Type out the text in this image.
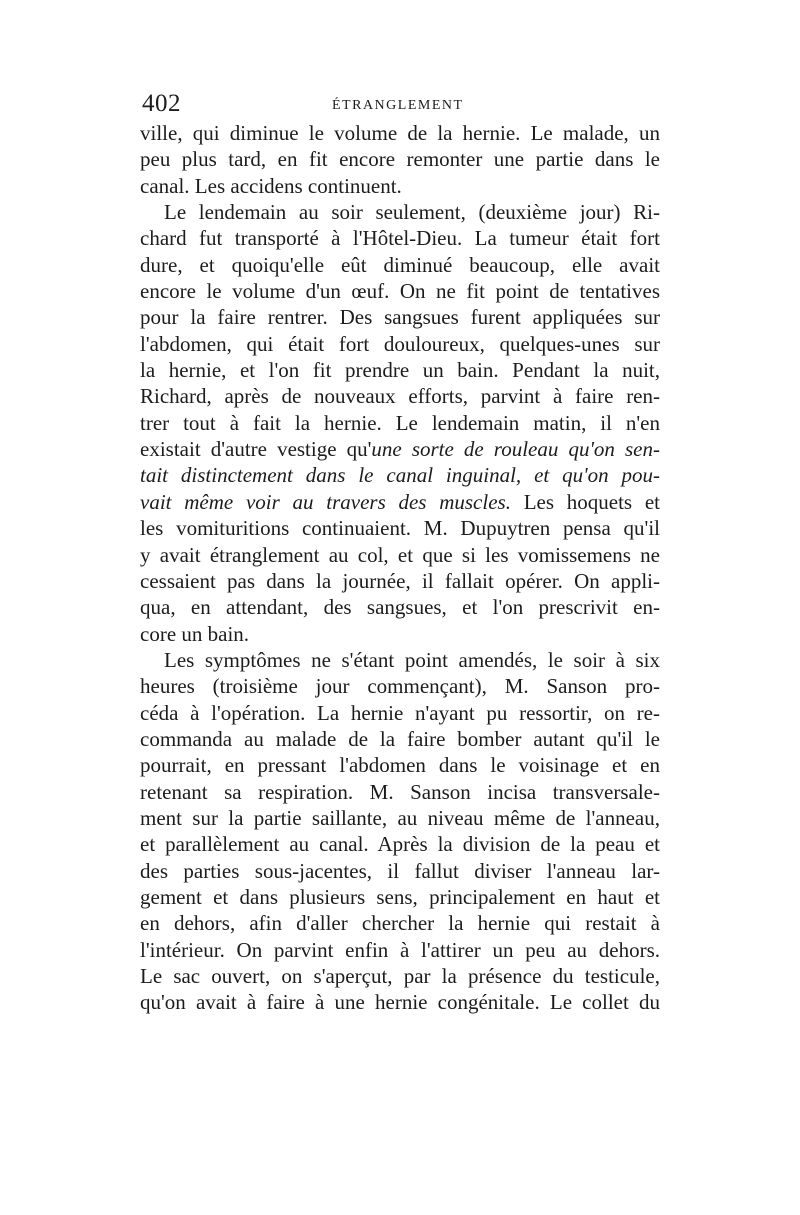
402	ÉTRANGLEMENT
ville, qui diminue le volume de la hernie. Le malade, un
peu plus tard, en fit encore remonter une partie dans le
canal. Les accidens continuent.
Le lendemain au soir seulement, (deuxième jour) Ri-
chard fut transporté à l'Hôtel-Dieu. La tumeur était fort
dure, et quoiqu'elle eût diminué beaucoup, elle avait
encore le volume d'un œuf. On ne fit point de tentatives
pour la faire rentrer. Des sangsues furent appliquées sur
l'abdomen, qui était fort douloureux, quelques-unes sur
la hernie, et l'on fit prendre un bain. Pendant la nuit,
Richard, après de nouveaux efforts, parvint à faire ren-
trer tout à fait la hernie. Le lendemain matin, il n'en
existait d'autre vestige qu'une sorte de rouleau qu'on sen-
tait distinctement dans le canal inguinal, et qu'on pou-
vait même voir au travers des muscles. Les hoquets et
les vomituritions continuaient. M. Dupuytren pensa qu'il
y avait étranglement au col, et que si les vomissemens ne
cessaient pas dans la journée, il fallait opérer. On appli-
qua, en attendant, des sangsues, et l'on prescrivit en-
core un bain.
Les symptômes ne s'étant point amendés, le soir à six
heures (troisième jour commençant), M. Sanson pro-
céda à l'opération. La hernie n'ayant pu ressortir, on re-
commanda au malade de la faire bomber autant qu'il le
pourrait, en pressant l'abdomen dans le voisinage et en
retenant sa respiration. M. Sanson incisa transversale-
ment sur la partie saillante, au niveau même de l'anneau,
et parallèlement au canal. Après la division de la peau et
des parties sous-jacentes, il fallut diviser l'anneau lar-
gement et dans plusieurs sens, principalement en haut et
en dehors, afin d'aller chercher la hernie qui restait à
l'intérieur. On parvint enfin à l'attirer un peu au dehors.
Le sac ouvert, on s'aperçut, par la présence du testicule,
qu'on avait à faire à une hernie congénitale. Le collet du
